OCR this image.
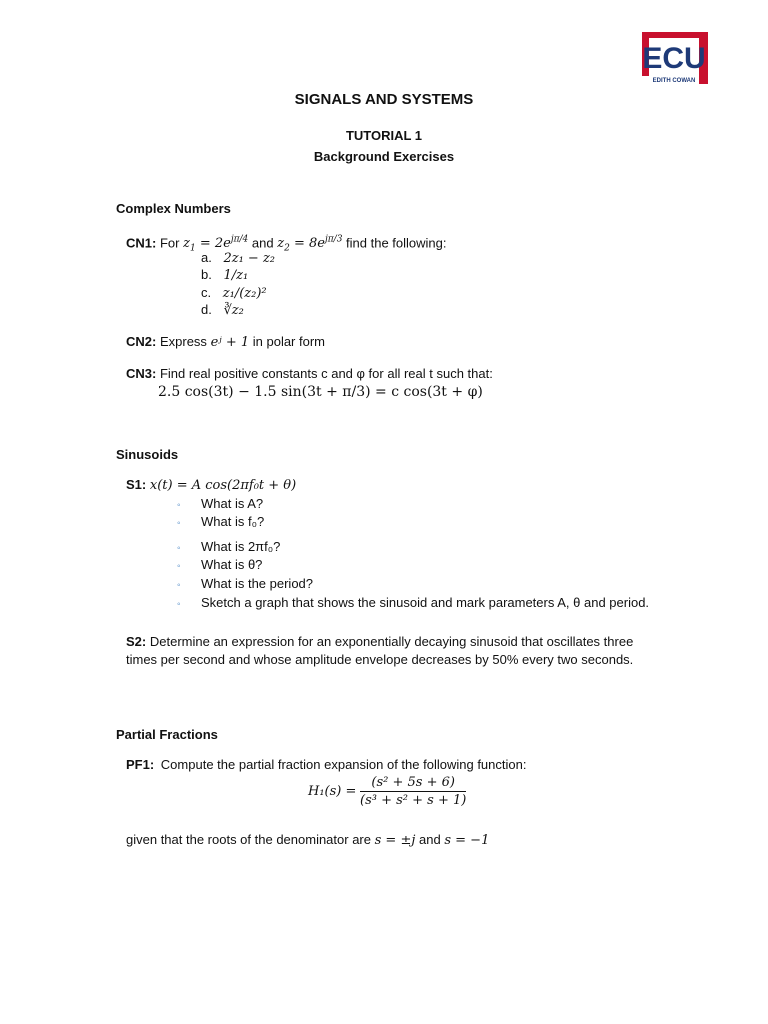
ECU
EDITH COWAN
SIGNALS AND SYSTEMS
TUTORIAL 1
Background Exercises
Complex Numbers
CN1: For $z_1 = 2e^{j\pi/4}$ and $z_2 = 8e^{j\pi/3}$ find the following:
a. 2z₁ − z₂
b. 1/z₁
c. z₁/(z₂)²
d. ∛z₂
CN2: Express eʲ + 1 in polar form
CN3: Find real positive constants c and φ for all real t such that:
2.5 cos(3t) − 1.5 sin(3t + π/3) = c cos(3t + φ)
Sinusoids
S1: x(t) = A cos(2πf₀t + θ)
◦ What is A?
◦ What is f₀?
◦ What is 2πf₀?
◦ What is θ?
◦ What is the period?
◦ Sketch a graph that shows the sinusoid and mark parameters A, θ and period.
S2: Determine an expression for an exponentially decaying sinusoid that oscillates three
times per second and whose amplitude envelope decreases by 50% every two seconds.
Partial Fractions
PF1: Compute the partial fraction expansion of the following function:
$H_1(s) = \frac{\text{(s² + 5s + 6)}}{\text{(s³ + s² + s + 1)}}$
given that the roots of the denominator are s = ±j and s = −1
